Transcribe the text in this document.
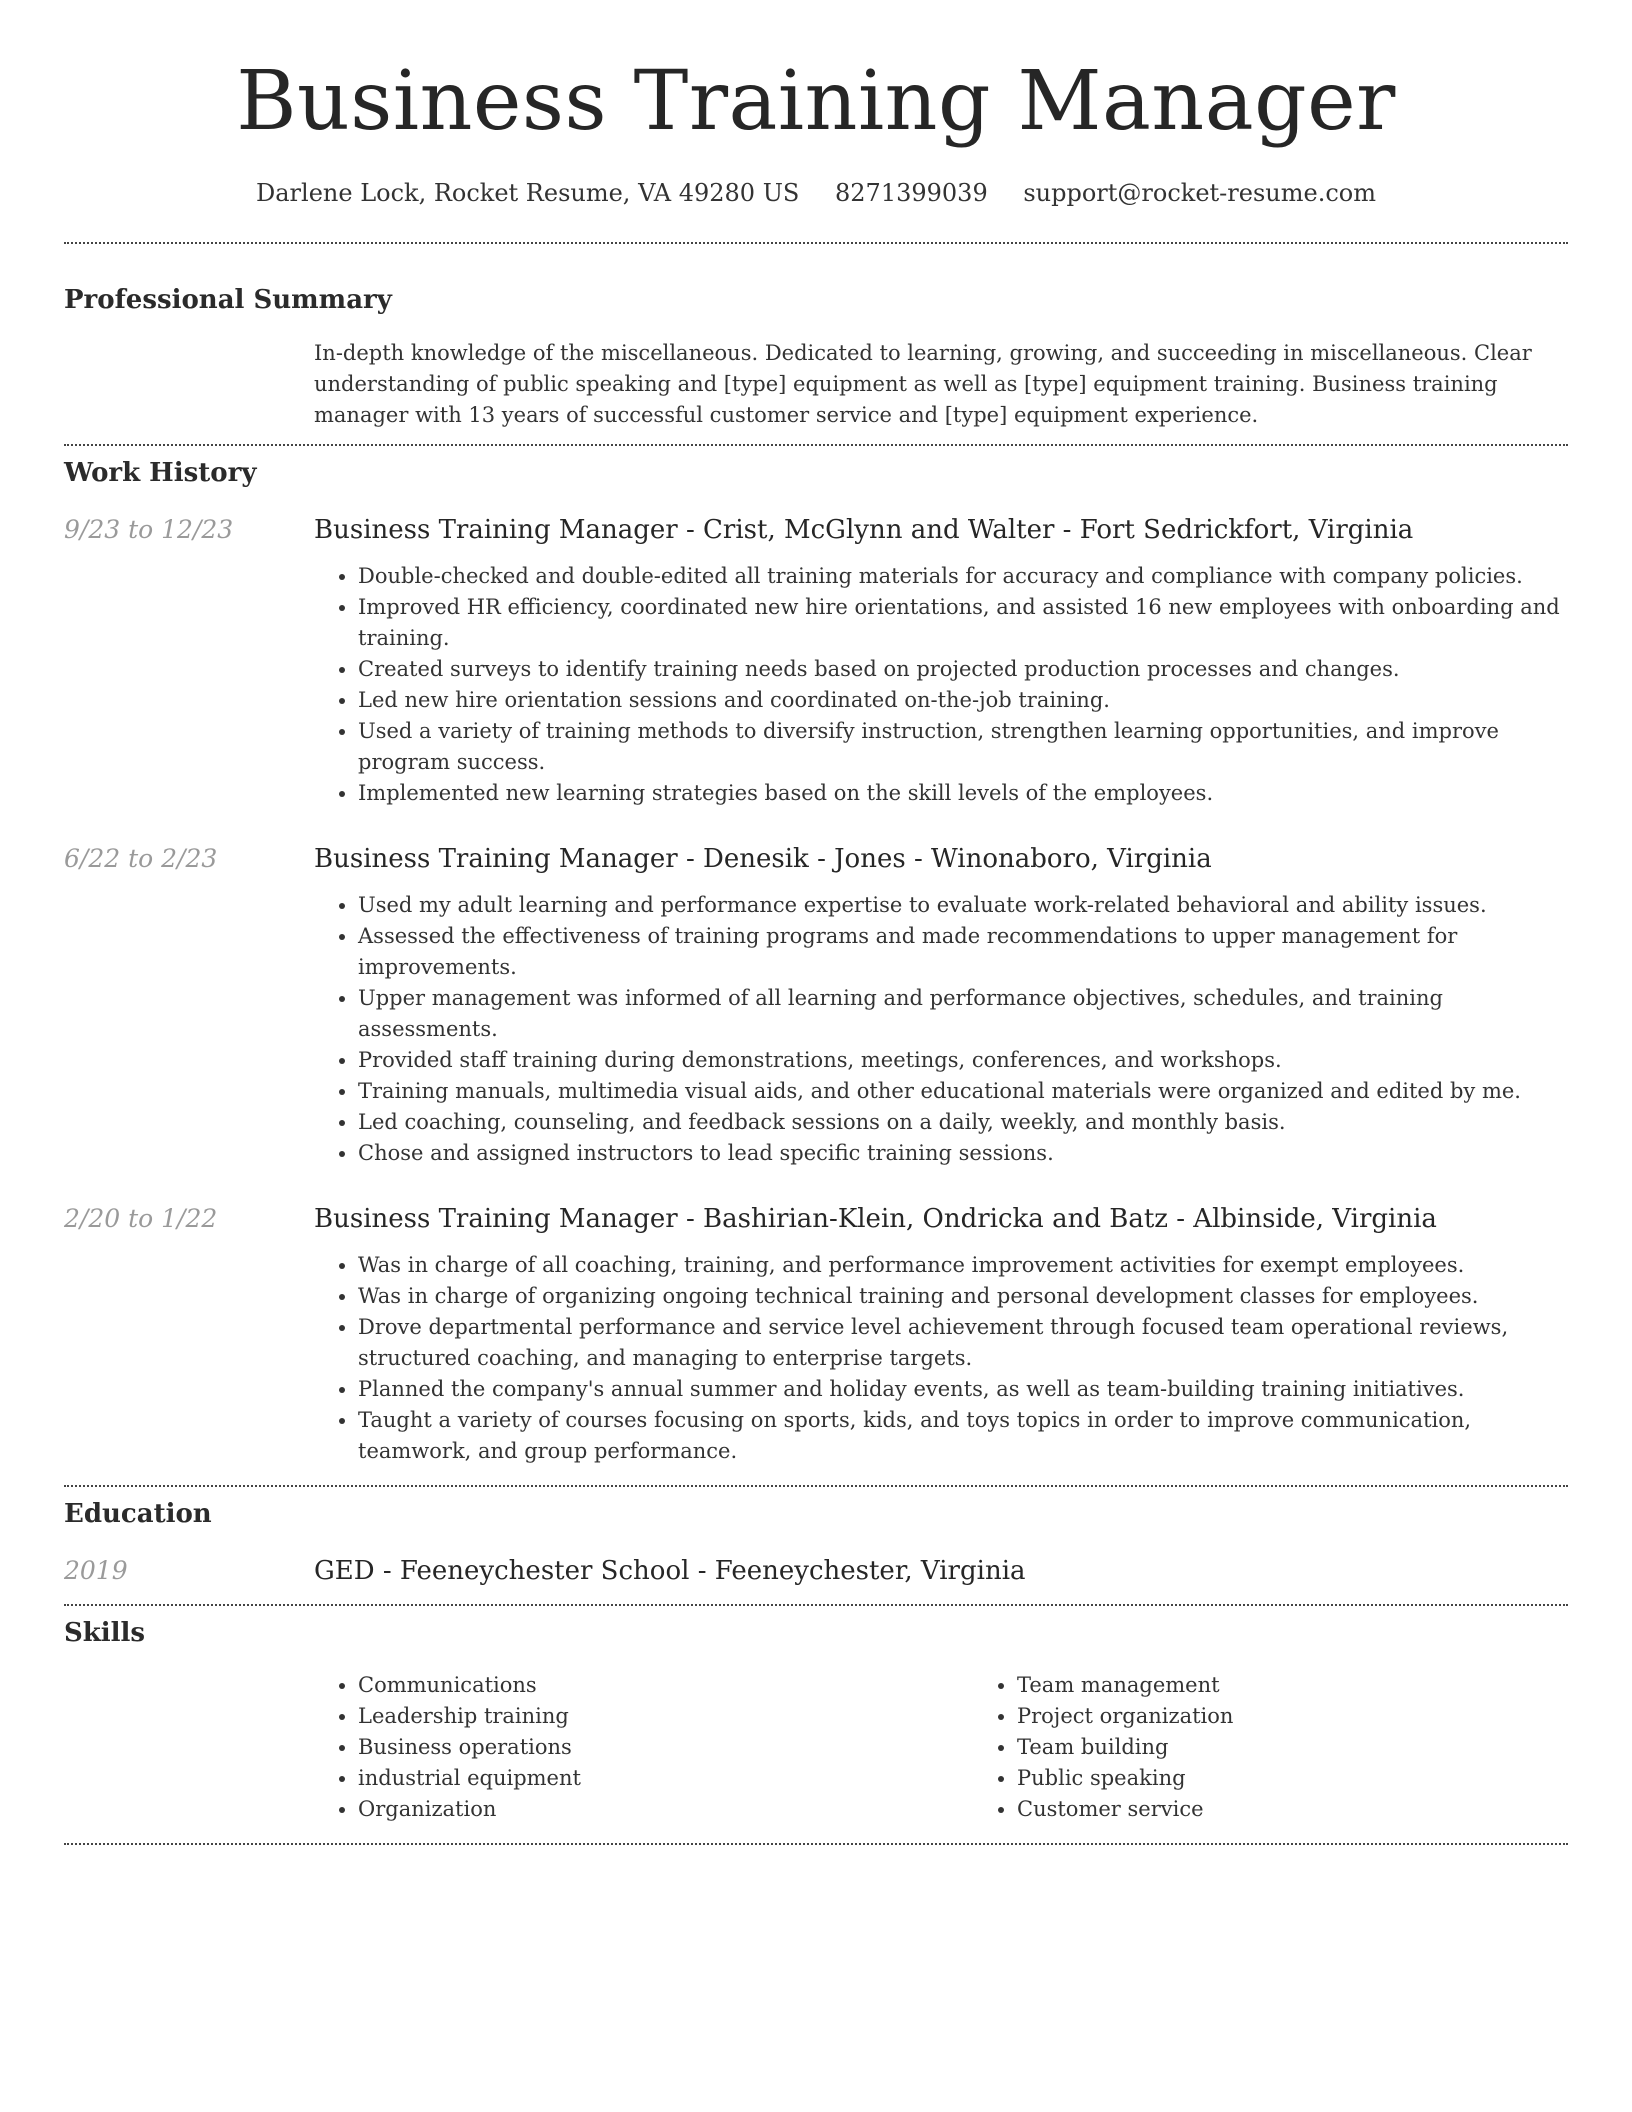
Business Training Manager
Darlene Lock, Rocket Resume, VA 49280 US 8271399039 support@rocket-resume.com
Professional Summary
In-depth knowledge of the miscellaneous. Dedicated to learning, growing, and succeeding in miscellaneous. Clear understanding of public speaking and [type] equipment as well as [type] equipment training. Business training manager with 13 years of successful customer service and [type] equipment experience.
Work History
9/23 to 12/23	Business Training Manager - Crist, McGlynn and Walter - Fort Sedrickfort, Virginia
• Double-checked and double-edited all training materials for accuracy and compliance with company policies.
• Improved HR efficiency, coordinated new hire orientations, and assisted 16 new employees with onboarding and training.
• Created surveys to identify training needs based on projected production processes and changes.
• Led new hire orientation sessions and coordinated on-the-job training.
• Used a variety of training methods to diversify instruction, strengthen learning opportunities, and improve program success.
• Implemented new learning strategies based on the skill levels of the employees.
6/22 to 2/23	Business Training Manager - Denesik - Jones - Winonaboro, Virginia
• Used my adult learning and performance expertise to evaluate work-related behavioral and ability issues.
• Assessed the effectiveness of training programs and made recommendations to upper management for improvements.
• Upper management was informed of all learning and performance objectives, schedules, and training assessments.
• Provided staff training during demonstrations, meetings, conferences, and workshops.
• Training manuals, multimedia visual aids, and other educational materials were organized and edited by me.
• Led coaching, counseling, and feedback sessions on a daily, weekly, and monthly basis.
• Chose and assigned instructors to lead specific training sessions.
2/20 to 1/22	Business Training Manager - Bashirian-Klein, Ondricka and Batz - Albinside, Virginia
• Was in charge of all coaching, training, and performance improvement activities for exempt employees.
• Was in charge of organizing ongoing technical training and personal development classes for employees.
• Drove departmental performance and service level achievement through focused team operational reviews, structured coaching, and managing to enterprise targets.
• Planned the company's annual summer and holiday events, as well as team-building training initiatives.
• Taught a variety of courses focusing on sports, kids, and toys topics in order to improve communication, teamwork, and group performance.
Education
2019	GED - Feeneychester School - Feeneychester, Virginia
Skills
• Communications
• Leadership training
• Business operations
• industrial equipment
• Organization
• Team management
• Project organization
• Team building
• Public speaking
• Customer service
